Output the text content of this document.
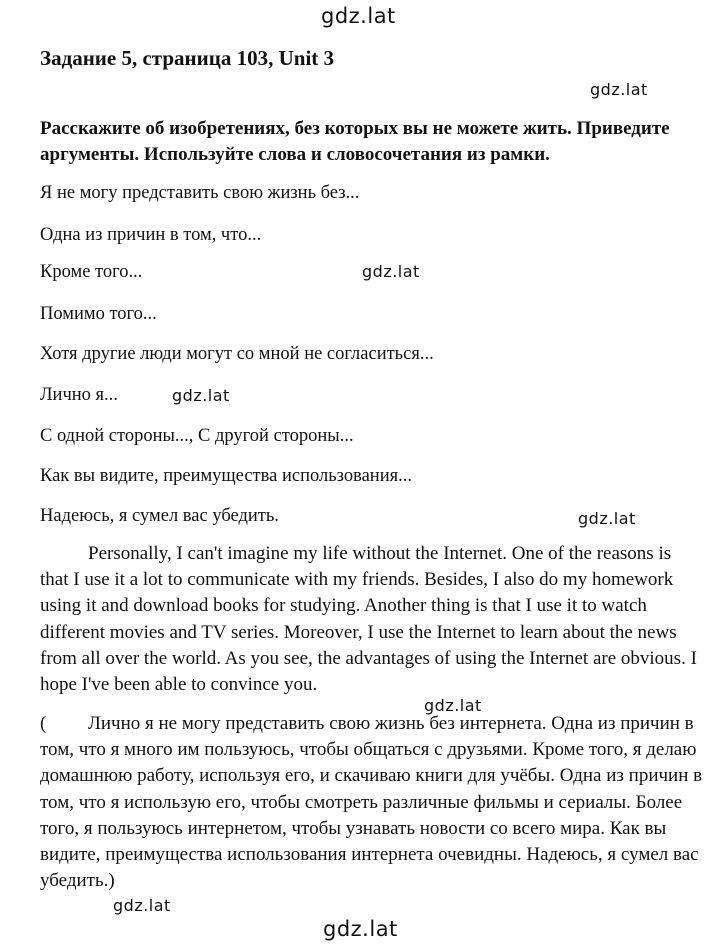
gdz.lat
gdz.lat
gdz.lat
gdz.lat
gdz.lat
gdz.lat
gdz.lat
gdz.lat
Задание 5, страница 103, Unit 3

Расскажите об изобретениях, без которых вы не можете жить. Приведите аргументы. Используйте слова и словосочетания из рамки.

Я не могу представить свою жизнь без...

Одна из причин в том, что...

Кроме того...

Помимо того...

Хотя другие люди могут со мной не согласиться...

Лично я...

С одной стороны..., С другой стороны...

Как вы видите, преимущества использования...

Надеюсь, я сумел вас убедить.

Personally, I can't imagine my life without the Internet. One of the reasons is that I use it a lot to communicate with my friends. Besides, I also do my homework using it and download books for studying. Another thing is that I use it to watch different movies and TV series. Moreover, I use the Internet to learn about the news from all over the world. As you see, the advantages of using the Internet are obvious. I hope I've been able to convince you.

( Лично я не могу представить свою жизнь без интернета. Одна из причин в том, что я много им пользуюсь, чтобы общаться с друзьями. Кроме того, я делаю домашнюю работу, используя его, и скачиваю книги для учёбы. Одна из причин в том, что я использую его, чтобы смотреть различные фильмы и сериалы. Более того, я пользуюсь интернетом, чтобы узнавать новости со всего мира. Как вы видите, преимущества использования интернета очевидны. Надеюсь, я сумел вас убедить.)
